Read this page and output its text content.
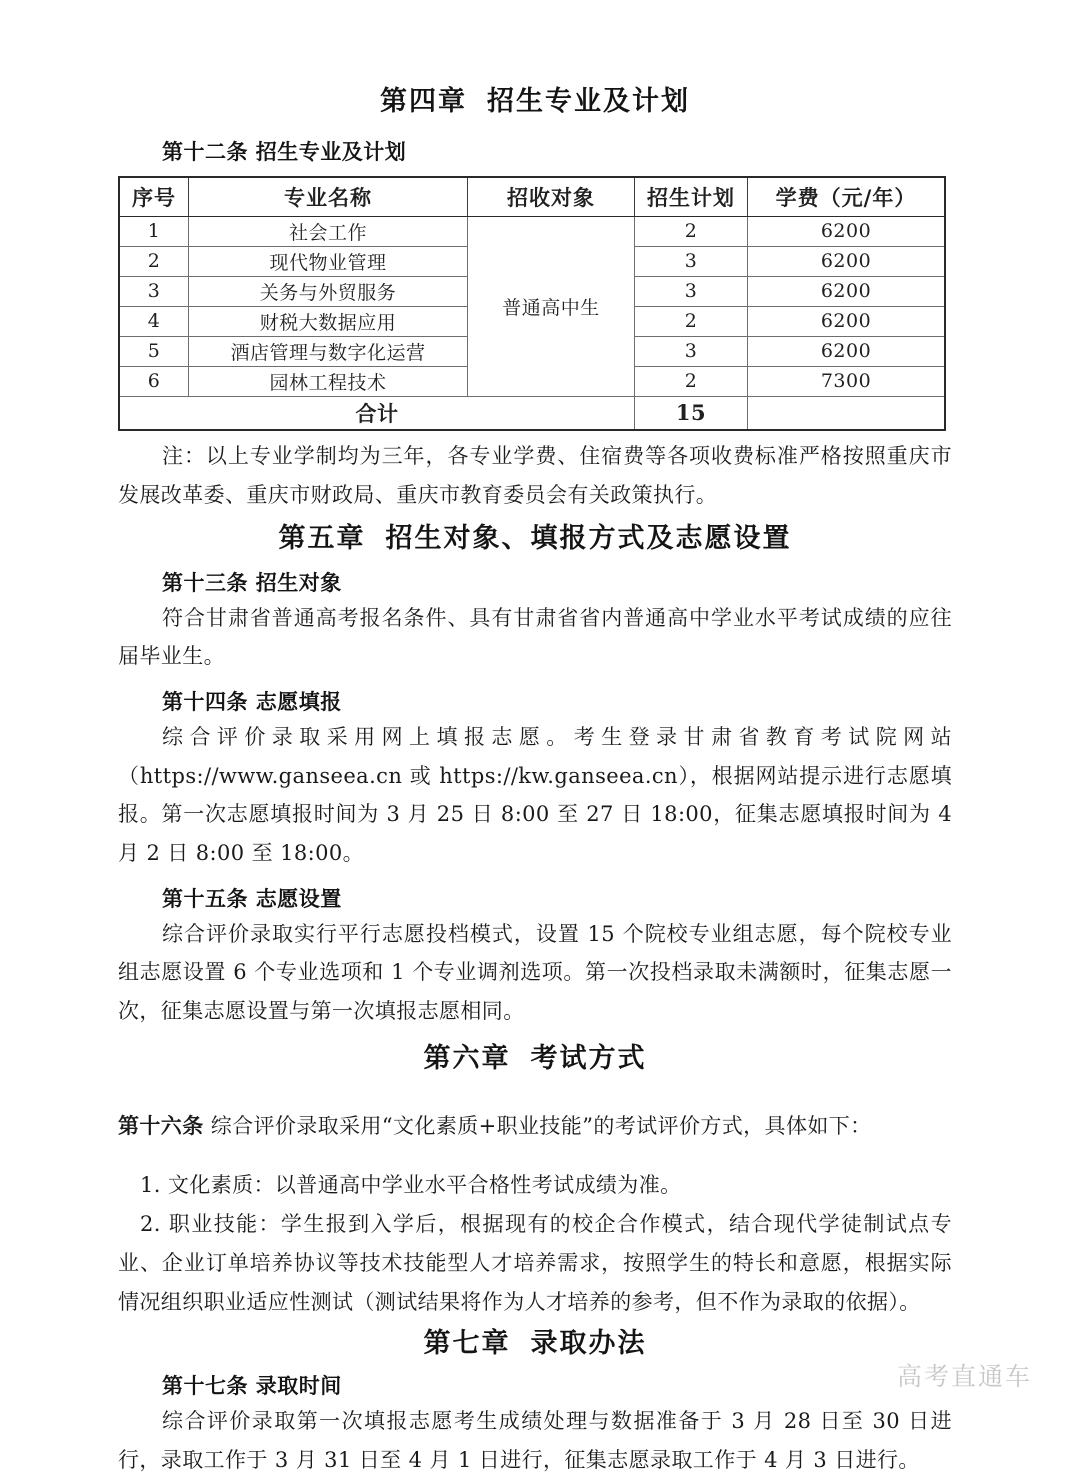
第四章 招生专业及计划
第十二条 招生专业及计划
序号	专业名称	招收对象	招生计划	学费（元/年）
1	社会工作	普通高中生	2	6200
2	现代物业管理		3	6200
3	关务与外贸服务		3	6200
4	财税大数据应用		2	6200
5	酒店管理与数字化运营		3	6200
6	园林工程技术		2	7300
合计			15	

注：以上专业学制均为三年，各专业学费、住宿费等各项收费标准严格按照重庆市发展改革委、重庆市财政局、重庆市教育委员会有关政策执行。

第五章 招生对象、填报方式及志愿设置
第十三条 招生对象

符合甘肃省普通高考报名条件、具有甘肃省省内普通高中学业水平考试成绩的应往届毕业生。

第十四条 志愿填报

综合评价录取采用网上填报志愿。考生登录甘肃省教育考试院网站（https://www.ganseea.cn 或 https://kw.ganseea.cn），根据网站提示进行志愿填报。第一次志愿填报时间为 3 月 25 日 8:00 至 27 日 18:00，征集志愿填报时间为 4 月 2 日 8:00 至 18:00。

第十五条 志愿设置

综合评价录取实行平行志愿投档模式，设置 15 个院校专业组志愿，每个院校专业组志愿设置 6 个专业选项和 1 个专业调剂选项。第一次投档录取未满额时，征集志愿一次，征集志愿设置与第一次填报志愿相同。

第六章 考试方式

第十六条 综合评价录取采用“文化素质+职业技能”的考试评价方式，具体如下：

1. 文化素质：以普通高中学业水平合格性考试成绩为准。

2. 职业技能：学生报到入学后，根据现有的校企合作模式，结合现代学徒制试点专业、企业订单培养协议等技术技能型人才培养需求，按照学生的特长和意愿，根据实际情况组织职业适应性测试（测试结果将作为人才培养的参考，但不作为录取的依据）。

第七章 录取办法
第十七条 录取时间

综合评价录取第一次填报志愿考生成绩处理与数据准备于 3 月 28 日至 30 日进行，录取工作于 3 月 31 日至 4 月 1 日进行，征集志愿录取工作于 4 月 3 日进行。

高考直通车
